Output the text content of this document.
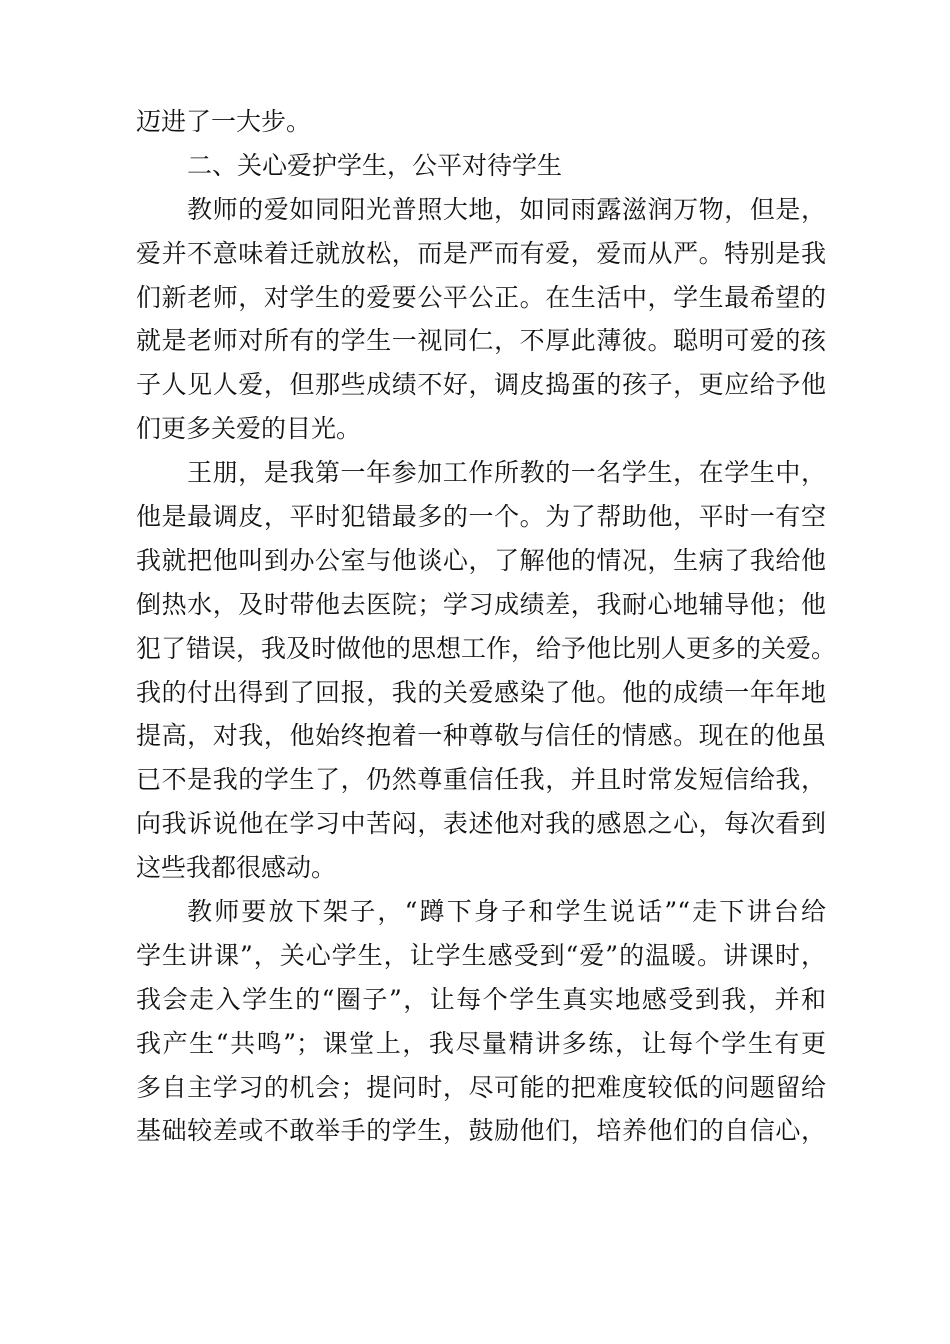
迈进了一大步。

二、关心爱护学生，公平对待学生

教师的爱如同阳光普照大地，如同雨露滋润万物，但是，

爱并不意味着迁就放松，而是严而有爱，爱而从严。特别是我

们新老师，对学生的爱要公平公正。在生活中，学生最希望的

就是老师对所有的学生一视同仁，不厚此薄彼。聪明可爱的孩

子人见人爱，但那些成绩不好，调皮捣蛋的孩子，更应给予他

们更多关爱的目光。

王朋，是我第一年参加工作所教的一名学生，在学生中，

他是最调皮，平时犯错最多的一个。为了帮助他，平时一有空

我就把他叫到办公室与他谈心，了解他的情况，生病了我给他

倒热水，及时带他去医院；学习成绩差，我耐心地辅导他；他

犯了错误，我及时做他的思想工作，给予他比别人更多的关爱。

我的付出得到了回报，我的关爱感染了他。他的成绩一年年地

提高，对我，他始终抱着一种尊敬与信任的情感。现在的他虽

已不是我的学生了，仍然尊重信任我，并且时常发短信给我，

向我诉说他在学习中苦闷，表述他对我的感恩之心，每次看到

这些我都很感动。

教师要放下架子，“蹲下身子和学生说话”“走下讲台给

学生讲课”，关心学生，让学生感受到“爱”的温暖。讲课时，

我会走入学生的“圈子”，让每个学生真实地感受到我，并和

我产生“共鸣”；课堂上，我尽量精讲多练，让每个学生有更

多自主学习的机会；提问时，尽可能的把难度较低的问题留给

基础较差或不敢举手的学生，鼓励他们，培养他们的自信心，
